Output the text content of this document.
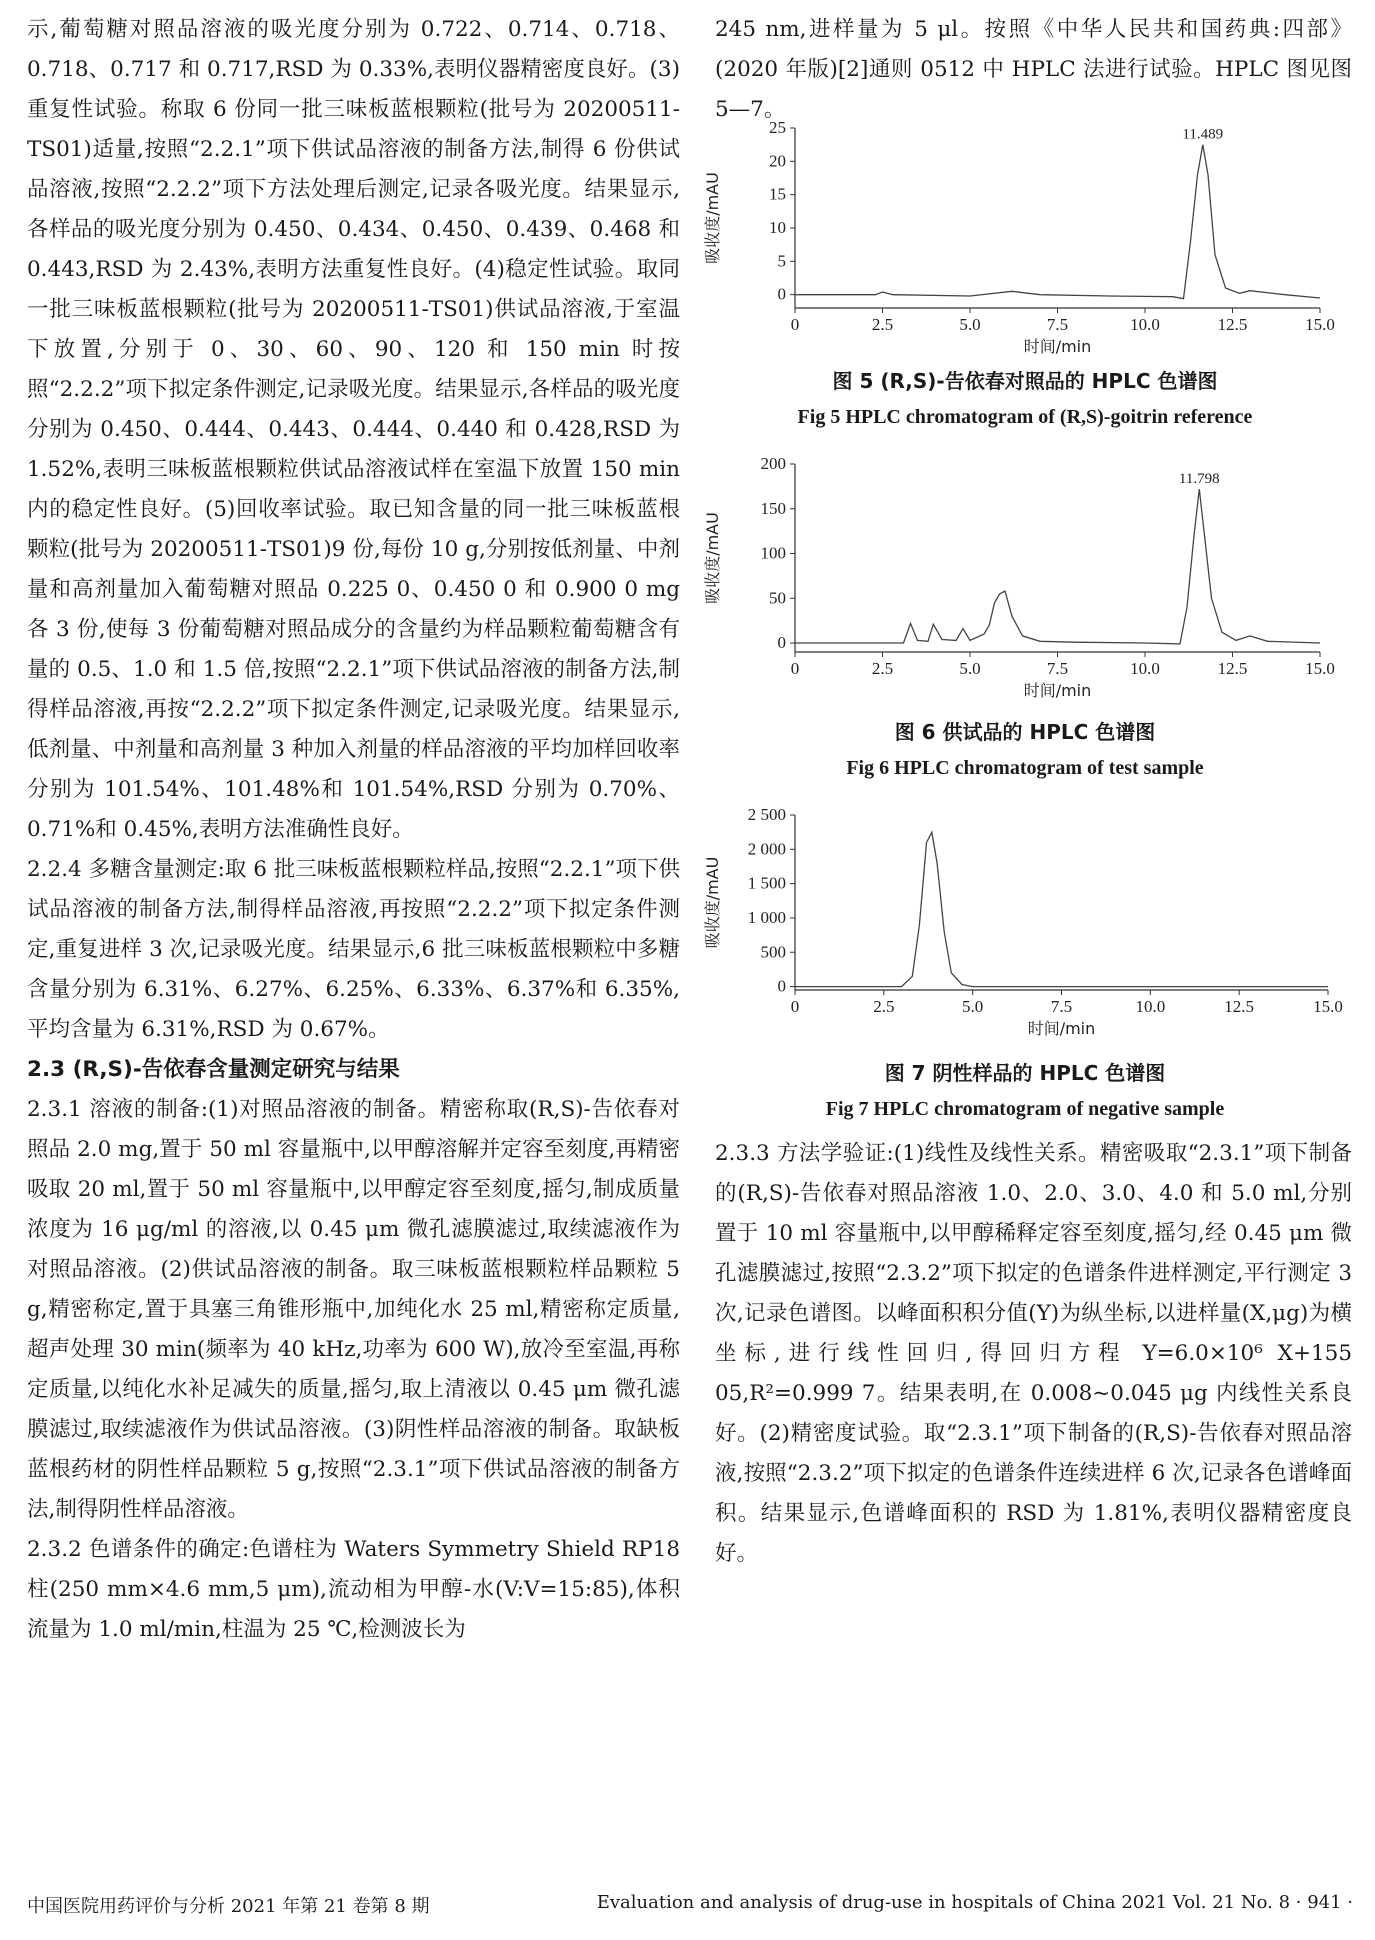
示,葡萄糖对照品溶液的吸光度分别为 0.722、0.714、0.718、0.718、0.717 和 0.717,RSD 为 0.33%,表明仪器精密度良好。(3)重复性试验。称取 6 份同一批三味板蓝根颗粒(批号为 20200511-TS01)适量,按照“2.2.1”项下供试品溶液的制备方法,制得 6 份供试品溶液,按照“2.2.2”项下方法处理后测定,记录各吸光度。结果显示,各样品的吸光度分别为 0.450、0.434、0.450、0.439、0.468 和 0.443,RSD 为 2.43%,表明方法重复性良好。(4)稳定性试验。取同一批三味板蓝根颗粒(批号为 20200511-TS01)供试品溶液,于室温下放置,分别于 0、30、60、90、120 和 150 min 时按照“2.2.2”项下拟定条件测定,记录吸光度。结果显示,各样品的吸光度分别为 0.450、0.444、0.443、0.444、0.440 和 0.428,RSD 为 1.52%,表明三味板蓝根颗粒供试品溶液试样在室温下放置 150 min 内的稳定性良好。(5)回收率试验。取已知含量的同一批三味板蓝根颗粒(批号为 20200511-TS01)9 份,每份 10 g,分别按低剂量、中剂量和高剂量加入葡萄糖对照品 0.225 0、0.450 0 和 0.900 0 mg 各 3 份,使每 3 份葡萄糖对照品成分的含量约为样品颗粒葡萄糖含有量的 0.5、1.0 和 1.5 倍,按照“2.2.1”项下供试品溶液的制备方法,制得样品溶液,再按“2.2.2”项下拟定条件测定,记录吸光度。结果显示,低剂量、中剂量和高剂量 3 种加入剂量的样品溶液的平均加样回收率分别为 101.54%、101.48%和 101.54%,RSD 分别为 0.70%、0.71%和 0.45%,表明方法准确性良好。

2.2.4 多糖含量测定:取 6 批三味板蓝根颗粒样品,按照“2.2.1”项下供试品溶液的制备方法,制得样品溶液,再按照“2.2.2”项下拟定条件测定,重复进样 3 次,记录吸光度。结果显示,6 批三味板蓝根颗粒中多糖含量分别为 6.31%、6.27%、6.25%、6.33%、6.37%和 6.35%,平均含量为 6.31%,RSD 为 0.67%。

2.3 (R,S)-告依春含量测定研究与结果

2.3.1 溶液的制备:(1)对照品溶液的制备。精密称取(R,S)-告依春对照品 2.0 mg,置于 50 ml 容量瓶中,以甲醇溶解并定容至刻度,再精密吸取 20 ml,置于 50 ml 容量瓶中,以甲醇定容至刻度,摇匀,制成质量浓度为 16 μg/ml 的溶液,以 0.45 μm 微孔滤膜滤过,取续滤液作为对照品溶液。(2)供试品溶液的制备。取三味板蓝根颗粒样品颗粒 5 g,精密称定,置于具塞三角锥形瓶中,加纯化水 25 ml,精密称定质量,超声处理 30 min(频率为 40 kHz,功率为 600 W),放冷至室温,再称定质量,以纯化水补足减失的质量,摇匀,取上清液以 0.45 μm 微孔滤膜滤过,取续滤液作为供试品溶液。(3)阴性样品溶液的制备。取缺板蓝根药材的阴性样品颗粒 5 g,按照“2.3.1”项下供试品溶液的制备方法,制得阴性样品溶液。

2.3.2 色谱条件的确定:色谱柱为 Waters Symmetry Shield RP18 柱(250 mm×4.6 mm,5 μm),流动相为甲醇-水(V:V=15:85),体积流量为 1.0 ml/min,柱温为 25 ℃,检测波长为

245 nm,进样量为 5 μl。按照《中华人民共和国药典:四部》(2020 年版)[2]通则 0512 中 HPLC 法进行试验。HPLC 图见图 5—7。

0	2.5	5.0	7.5	10.0	12.5	15.0
0
5
10
15
20
25
时间/min
吸收度/mAU
11.489
图 5 (R,S)-告依春对照品的 HPLC 色谱图
Fig 5 HPLC chromatogram of (R,S)-goitrin reference
0	2.5	5.0	7.5	10.0	12.5	15.0
0
50
100
150
200
时间/min
吸收度/mAU
11.798
图 6 供试品的 HPLC 色谱图
Fig 6 HPLC chromatogram of test sample
0	2.5	5.0	7.5	10.0	12.5	15.0
0
500
1 000
1 500
2 000
2 500
时间/min
吸收度/mAU
图 7 阴性样品的 HPLC 色谱图
Fig 7 HPLC chromatogram of negative sample

2.3.3 方法学验证:(1)线性及线性关系。精密吸取“2.3.1”项下制备的(R,S)-告依春对照品溶液 1.0、2.0、3.0、4.0 和 5.0 ml,分别置于 10 ml 容量瓶中,以甲醇稀释定容至刻度,摇匀,经 0.45 μm 微孔滤膜滤过,按照“2.3.2”项下拟定的色谱条件进样测定,平行测定 3 次,记录色谱图。以峰面积积分值(Y)为纵坐标,以进样量(X,μg)为横坐标,进行线性回归,得回归方程 Y=6.0×10⁶ X+155 05,R²=0.999 7。结果表明,在 0.008~0.045 μg 内线性关系良好。(2)精密度试验。取“2.3.1”项下制备的(R,S)-告依春对照品溶液,按照“2.3.2”项下拟定的色谱条件连续进样 6 次,记录各色谱峰面积。结果显示,色谱峰面积的 RSD 为 1.81%,表明仪器精密度良好。

中国医院用药评价与分析 2021 年第 21 卷第 8 期	Evaluation and analysis of drug-use in hospitals of China 2021 Vol. 21 No. 8 · 941 ·
